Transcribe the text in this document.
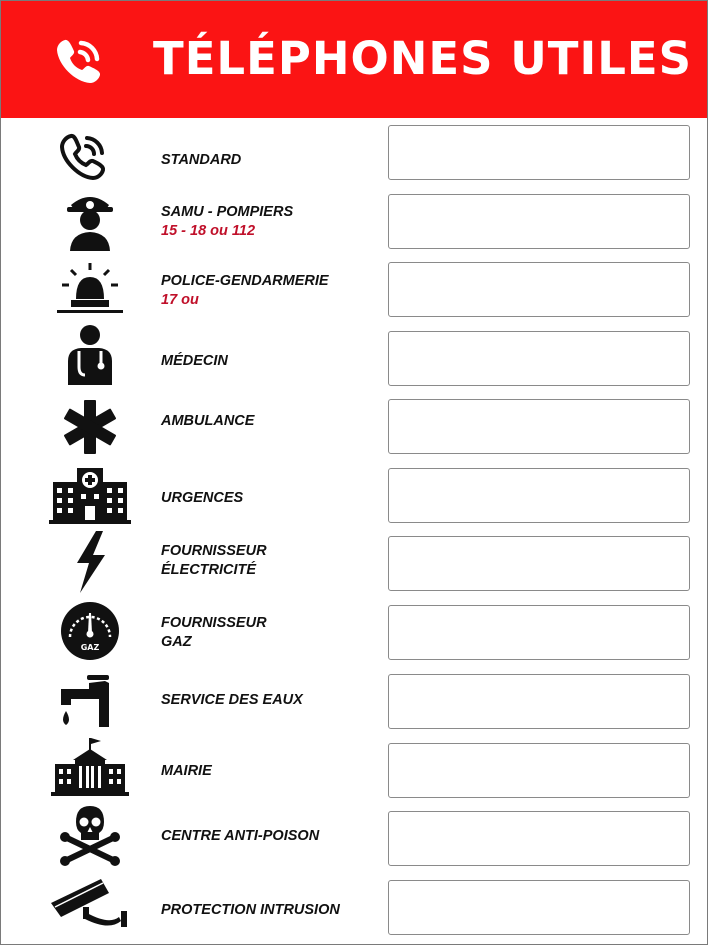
TÉLÉPHONES UTILES
STANDARD
SAMU - POMPIERS
15 - 18 ou 112
POLICE-GENDARMERIE
17 ou
MÉDECIN
AMBULANCE
URGENCES
FOURNISSEUR
ÉLECTRICITÉ
GAZ
FOURNISSEUR
GAZ
SERVICE DES EAUX
MAIRIE
CENTRE ANTI-POISON
PROTECTION INTRUSION
